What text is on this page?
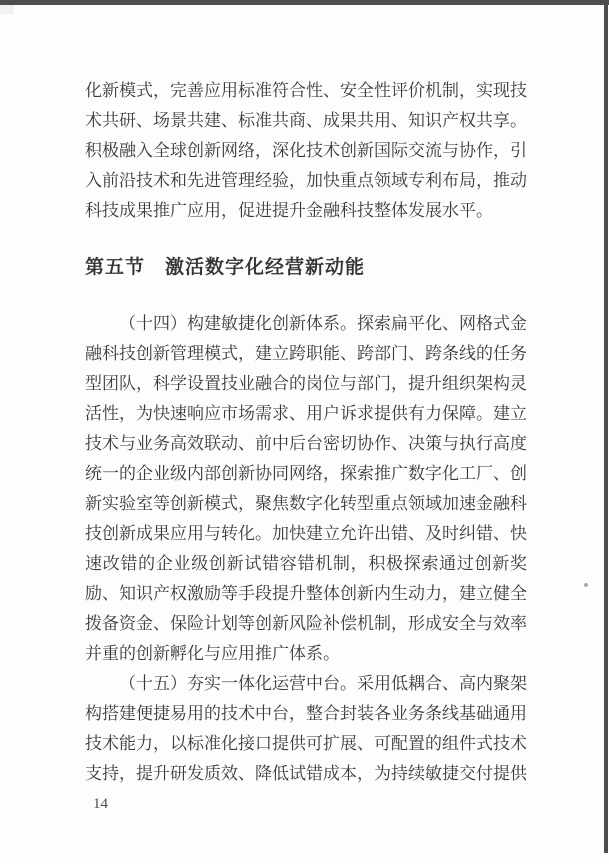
化新模式，完善应用标准符合性、安全性评价机制，实现技术共研、场景共建、标准共商、成果共用、知识产权共享。积极融入全球创新网络，深化技术创新国际交流与协作，引入前沿技术和先进管理经验，加快重点领域专利布局，推动科技成果推广应用，促进提升金融科技整体发展水平。

第五节　激活数字化经营新动能

（十四）构建敏捷化创新体系。探索扁平化、网格式金融科技创新管理模式，建立跨职能、跨部门、跨条线的任务型团队，科学设置技业融合的岗位与部门，提升组织架构灵活性，为快速响应市场需求、用户诉求提供有力保障。建立技术与业务高效联动、前中后台密切协作、决策与执行高度统一的企业级内部创新协同网络，探索推广数字化工厂、创新实验室等创新模式，聚焦数字化转型重点领域加速金融科技创新成果应用与转化。加快建立允许出错、及时纠错、快速改错的企业级创新试错容错机制，积极探索通过创新奖励、知识产权激励等手段提升整体创新内生动力，建立健全拨备资金、保险计划等创新风险补偿机制，形成安全与效率并重的创新孵化与应用推广体系。

（十五）夯实一体化运营中台。采用低耦合、高内聚架构搭建便捷易用的技术中台，整合封装各业务条线基础通用技术能力，以标准化接口提供可扩展、可配置的组件式技术支持，提升研发质效、降低试错成本，为持续敏捷交付提供

14
